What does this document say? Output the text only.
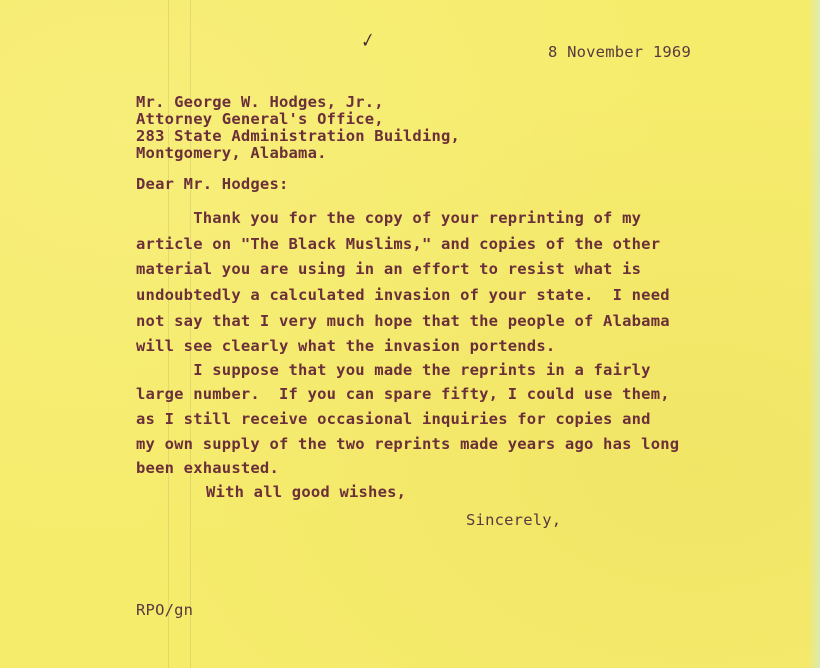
✓	8 November 1969
Mr. George W. Hodges, Jr.,
Attorney General's Office,
283 State Administration Building,
Montgomery, Alabama.
Dear Mr. Hodges:
Thank you for the copy of your reprinting of my
article on "The Black Muslims," and copies of the other
material you are using in an effort to resist what is
undoubtedly a calculated invasion of your state.  I need
not say that I very much hope that the people of Alabama
will see clearly what the invasion portends.
I suppose that you made the reprints in a fairly
large number.  If you can spare fifty, I could use them,
as I still receive occasional inquiries for copies and
my own supply of the two reprints made years ago has long
been exhausted.
With all good wishes,
Sincerely,
RPO/gn
